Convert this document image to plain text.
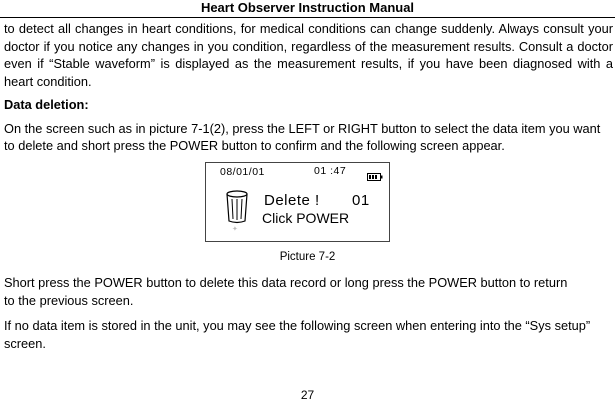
Heart Observer Instruction Manual

to detect all changes in heart conditions, for medical conditions can change suddenly. Always consult your doctor if you notice any changes in you condition, regardless of the measurement results. Consult a doctor even if “Stable waveform” is displayed as the measurement results, if you have been diagnosed with a heart condition.

Data deletion:

On the screen such as in picture 7-1(2), press the LEFT or RIGHT button to select the data item you want to delete and short press the POWER button to confirm and the following screen appear.

08/01/01	01 :47
✦
Delete ! 01
Click POWER
Picture 7-2

Short press the POWER button to delete this data record or long press the POWER button to return

to the previous screen.

If no data item is stored in the unit, you may see the following screen when entering into the “Sys setup” screen.

27
